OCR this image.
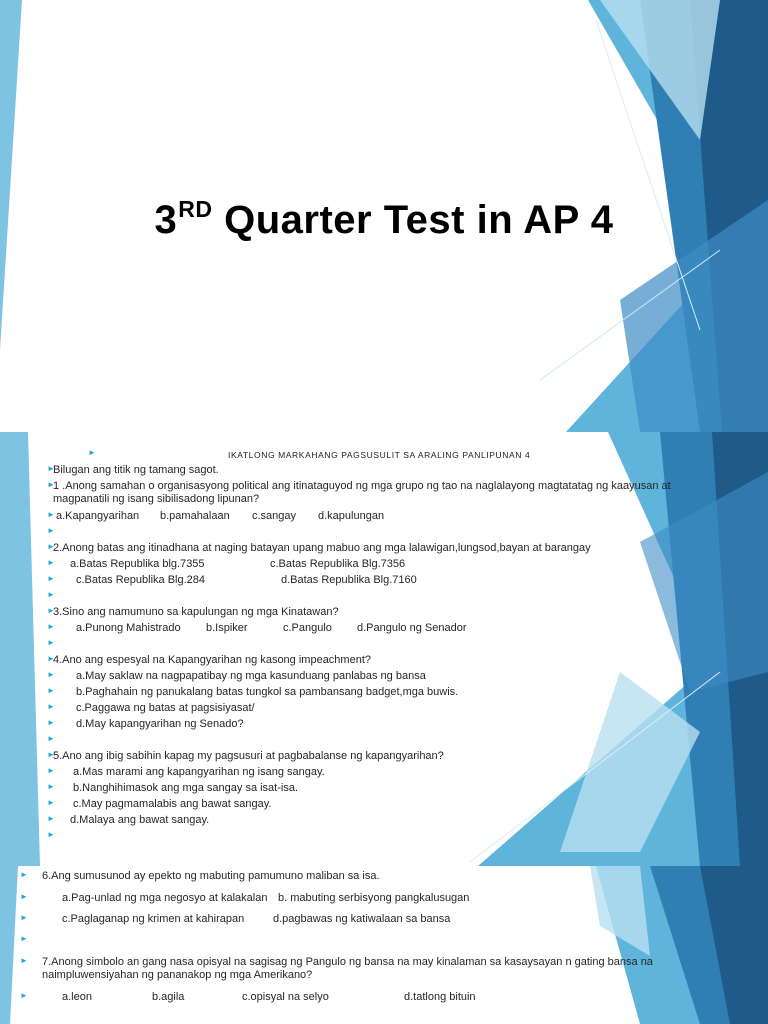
3RD Quarter Test in AP 4
►	IKATLONG MARKAHANG PAGSUSULIT SA ARALING PANLIPUNAN 4
►
Bilugan ang titik ng tamang sagot.
►
1 .Anong samahan o organisasyong political ang itinataguyod ng mga grupo ng tao na naglalayong magtatatag ng kaayusan at
magpanatili ng isang sibilisadong lipunan?
► a.Kapangyarihan b.pamahalaan c.sangay d.kapulungan
►
►
2.Anong batas ang itinadhana at naging batayan upang mabuo ang mga lalawigan,lungsod,bayan at barangay
► a.Batas Republika blg.7355	c.Batas Republika Blg.7356
► c.Batas Republika Blg.284	d.Batas Republika Blg.7160
►
►
3.Sino ang namumuno sa kapulungan ng mga Kinatawan?
► a.Punong Mahistrado b.Ispiker	c.Pangulo d.Pangulo ng Senador
►
►
4.Ano ang espesyal na Kapangyarihan ng kasong impeachment?
► a.May saklaw na nagpapatibay ng mga kasunduang panlabas ng bansa
► b.Paghahain ng panukalang batas tungkol sa pambansang badget,mga buwis.
► c.Paggawa ng batas at pagsisiyasat/
► d.May kapangyarihan ng Senado?
►
►
5.Ano ang ibig sabihin kapag my pagsusuri at pagbabalanse ng kapangyarihan?
► a.Mas marami ang kapangyarihan ng isang sangay.
► b.Nanghihimasok ang mga sangay sa isat-isa.
► c.May pagmamalabis ang bawat sangay.
► d.Malaya ang bawat sangay.
►
► 6.Ang sumusunod ay epekto ng mabuting pamumuno maliban sa isa.
►	a.Pag-unlad ng mga negosyo at kalakalan b. mabuting serbisyong pangkalusugan
►	c.Paglaganap ng krimen at kahirapan	d.pagbawas ng katiwalaan sa bansa
►
► 7.Anong simbolo an gang nasa opisyal na sagisag ng Pangulo ng bansa na may kinalaman sa kasaysayan n gating bansa na
naimpluwensiyahan ng pananakop ng mga Amerikano?
►	a.leon	b.agila	c.opisyal na selyo	d.tatlong bituin
